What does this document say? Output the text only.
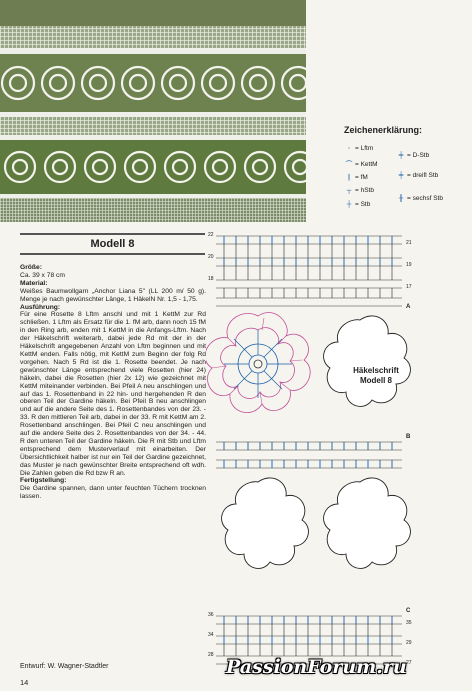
Zeichenerklärung:
◦ = Lftm
⌒ = KettM
∣ = fM
┬ = hStb
┼ = Stb
╪ = D-Stb
╪ = dreifl Stb
╫ = sechsf Stb
Modell 8
Größe:

Ca. 39 x 78 cm

Material:

Weißes Baumwollgarn „Anchor Liana 5" (LL 200 m/ 50 g). Menge je nach gewünschter Länge, 1 HäkelN Nr. 1,5 - 1,75.

Ausführung:

Für eine Rosette 8 Lftm anschl und mit 1 KettM zur Rd schließen. 1 Lftm als Ersatz für die 1. fM arb, dann noch 15 fM in den Ring arb, enden mit 1 KettM in die Anfangs-Lftm. Nach der Häkelschrift weiterarb, dabei jede Rd mit der in der Häkelschrift angegebenen Anzahl von Lftm beginnen und mit KettM enden. Falls nötig, mit KettM zum Beginn der folg Rd vorgehen. Nach 5 Rd ist die 1. Rosette beendet. Je nach gewünschter Länge entsprechend viele Rosetten (hier 24) häkeln, dabei die Rosetten (hier 2x 12) wie gezeichnet mit KettM miteinander verbinden. Bei Pfeil A neu anschlingen und auf das 1. Rosettenband in 22 hin- und hergehenden R den oberen Teil der Gardine häkeln. Bei Pfeil B neu anschlingen und auf die andere Seite des 1. Rosettenbandes von der 23. - 33. R den mittleren Teil arb, dabei in der 33. R mit KettM am 2. Rosettenband anschlingen. Bei Pfeil C neu anschlingen und auf die andere Seite des 2. Rosettenbandes von der 34. - 44. R den unteren Teil der Gardine häkeln. Die R mit Stb und Lftm entsprechend dem Musterverlauf mit einarbeiten. Der Übersichtlichkeit halber ist nur ein Teil der Gardine gezeichnet, das Muster je nach gewünschter Breite entsprechend oft wdh. Die Zahlen geben die Rd bzw R an.

Fertigstellung:

Die Gardine spannen, dann unter feuchten Tüchern trocknen lassen.

Entwurf: W. Wagner-Stadtler
14
22
21
20
19
18
17
A
B
C
36
35
34
29
28
27
Häkelschrift
Modell 8
PassionForum.ru
